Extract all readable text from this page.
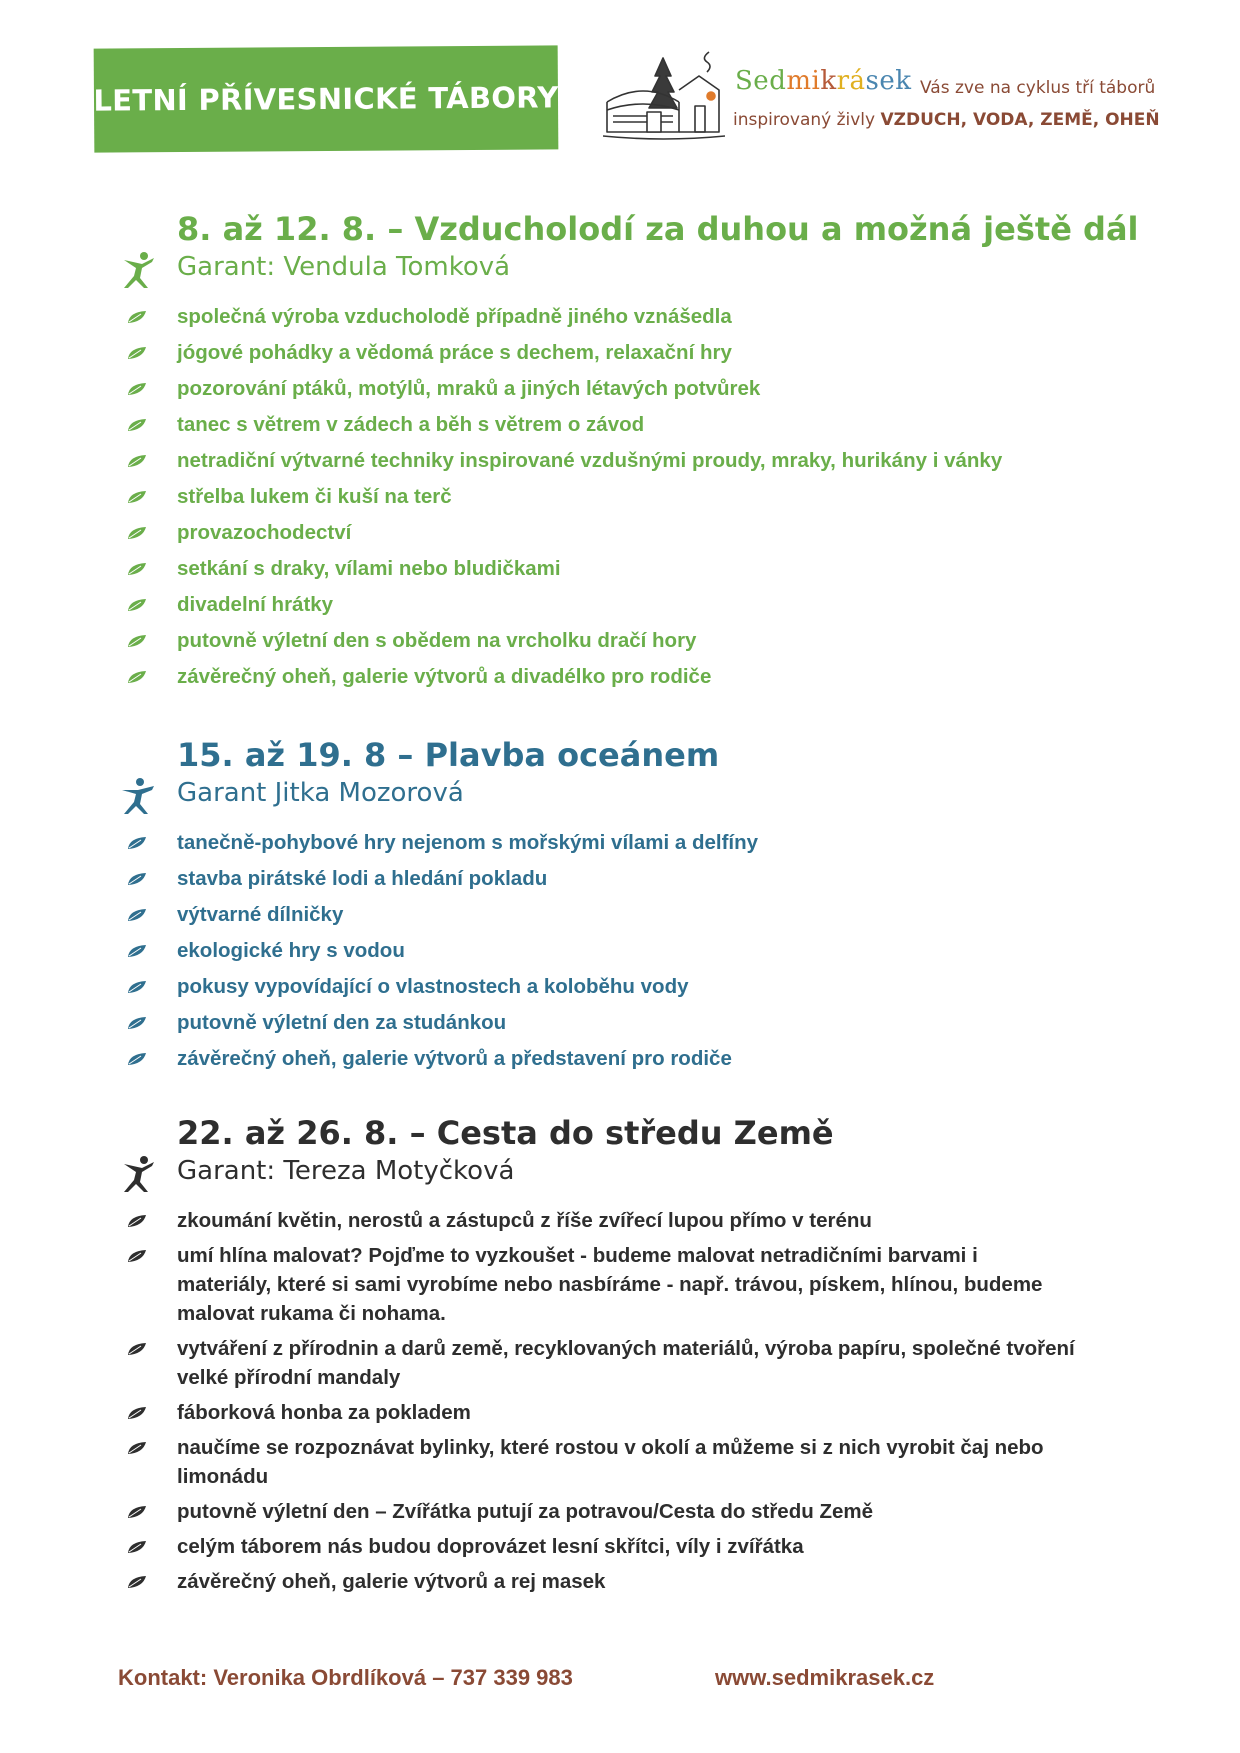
LETNÍ PŘÍVESNICKÉ TÁBORY	Sedmikrásek Vás zve na cyklus tří táborů
inspirovaný živly VZDUCH, VODA, ZEMĚ, OHEŇ
8. až 12. 8. – Vzducholodí za duhou a možná ještě dál
Garant: Vendula Tomková
společná výroba vzducholodě případně jiného vznášedla
jógové pohádky a vědomá práce s dechem, relaxační hry
pozorování ptáků, motýlů, mraků a jiných létavých potvůrek
tanec s větrem v zádech a běh s větrem o závod
netradiční výtvarné techniky inspirované vzdušnými proudy, mraky, hurikány i vánky
střelba lukem či kuší na terč
provazochodectví
setkání s draky, vílami nebo bludičkami
divadelní hrátky
putovně výletní den s obědem na vrcholku dračí hory
závěrečný oheň, galerie výtvorů a divadélko pro rodiče
15. až 19. 8 – Plavba oceánem
Garant Jitka Mozorová
tanečně-pohybové hry nejenom s mořskými vílami a delfíny
stavba pirátské lodi a hledání pokladu
výtvarné dílničky
ekologické hry s vodou
pokusy vypovídající o vlastnostech a koloběhu vody
putovně výletní den za studánkou
závěrečný oheň, galerie výtvorů a představení pro rodiče
22. až 26. 8. – Cesta do středu Země
Garant: Tereza Motyčková
zkoumání květin, nerostů a zástupců z říše zvířecí lupou přímo v terénu
umí hlína malovat? Pojďme to vyzkoušet - budeme malovat netradičními barvami i materiály, které si sami vyrobíme nebo nasbíráme - např. trávou, pískem, hlínou, budeme malovat rukama či nohama.
vytváření z přírodnin a darů země, recyklovaných materiálů, výroba papíru, společné tvoření velké přírodní mandaly
fáborková honba za pokladem
naučíme se rozpoznávat bylinky, které rostou v okolí a můžeme si z nich vyrobit čaj nebo limonádu
putovně výletní den – Zvířátka putují za potravou/Cesta do středu Země
celým táborem nás budou doprovázet lesní skřítci, víly i zvířátka
závěrečný oheň, galerie výtvorů a rej masek
Kontakt: Veronika Obrdlíková – 737 339 983	www.sedmikrasek.cz
